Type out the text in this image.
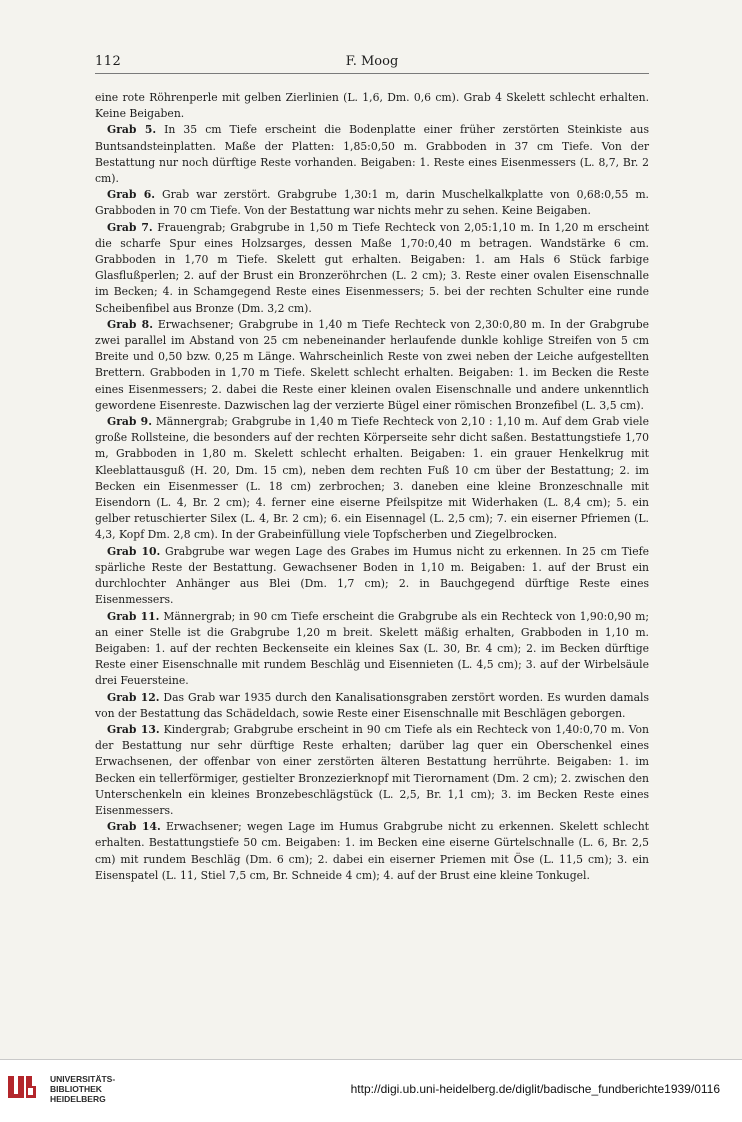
112	F. Moog

eine rote Röhrenperle mit gelben Zierlinien (L. 1,6, Dm. 0,6 cm). Grab 4 Skelett schlecht erhalten. Keine Beigaben.

Grab 5. In 35 cm Tiefe erscheint die Bodenplatte einer früher zerstörten Steinkiste aus Buntsandsteinplatten. Maße der Platten: 1,85:0,50 m. Grabboden in 37 cm Tiefe. Von der Bestattung nur noch dürftige Reste vorhanden. Beigaben: 1. Reste eines Eisenmessers (L. 8,7, Br. 2 cm).

Grab 6. Grab war zerstört. Grabgrube 1,30:1 m, darin Muschelkalkplatte von 0,68:0,55 m. Grabboden in 70 cm Tiefe. Von der Bestattung war nichts mehr zu sehen. Keine Beigaben.

Grab 7. Frauengrab; Grabgrube in 1,50 m Tiefe Rechteck von 2,05:1,10 m. In 1,20 m erscheint die scharfe Spur eines Holzsarges, dessen Maße 1,70:0,40 m betragen. Wandstärke 6 cm. Grabboden in 1,70 m Tiefe. Skelett gut erhalten. Beigaben: 1. am Hals 6 Stück farbige Glasflußperlen; 2. auf der Brust ein Bronzeröhrchen (L. 2 cm); 3. Reste einer ovalen Eisenschnalle im Becken; 4. in Schamgegend Reste eines Eisenmessers; 5. bei der rechten Schulter eine runde Scheibenfibel aus Bronze (Dm. 3,2 cm).

Grab 8. Erwachsener; Grabgrube in 1,40 m Tiefe Rechteck von 2,30:0,80 m. In der Grabgrube zwei parallel im Abstand von 25 cm nebeneinander herlaufende dunkle kohlige Streifen von 5 cm Breite und 0,50 bzw. 0,25 m Länge. Wahrscheinlich Reste von zwei neben der Leiche aufgestellten Brettern. Grabboden in 1,70 m Tiefe. Skelett schlecht erhalten. Beigaben: 1. im Becken die Reste eines Eisenmessers; 2. dabei die Reste einer kleinen ovalen Eisenschnalle und andere unkenntlich gewordene Eisenreste. Dazwischen lag der verzierte Bügel einer römischen Bronzefibel (L. 3,5 cm).

Grab 9. Männergrab; Grabgrube in 1,40 m Tiefe Rechteck von 2,10 : 1,10 m. Auf dem Grab viele große Rollsteine, die besonders auf der rechten Körperseite sehr dicht saßen. Bestattungstiefe 1,70 m, Grabboden in 1,80 m. Skelett schlecht erhalten. Beigaben: 1. ein grauer Henkelkrug mit Kleeblattausguß (H. 20, Dm. 15 cm), neben dem rechten Fuß 10 cm über der Bestattung; 2. im Becken ein Eisenmesser (L. 18 cm) zerbrochen; 3. daneben eine kleine Bronzeschnalle mit Eisendorn (L. 4, Br. 2 cm); 4. ferner eine eiserne Pfeilspitze mit Widerhaken (L. 8,4 cm); 5. ein gelber retuschierter Silex (L. 4, Br. 2 cm); 6. ein Eisennagel (L. 2,5 cm); 7. ein eiserner Pfriemen (L. 4,3, Kopf Dm. 2,8 cm). In der Grabeinfüllung viele Topfscherben und Ziegelbrocken.

Grab 10. Grabgrube war wegen Lage des Grabes im Humus nicht zu erkennen. In 25 cm Tiefe spärliche Reste der Bestattung. Gewachsener Boden in 1,10 m. Beigaben: 1. auf der Brust ein durchlochter Anhänger aus Blei (Dm. 1,7 cm); 2. in Bauchgegend dürftige Reste eines Eisenmessers.

Grab 11. Männergrab; in 90 cm Tiefe erscheint die Grabgrube als ein Rechteck von 1,90:0,90 m; an einer Stelle ist die Grabgrube 1,20 m breit. Skelett mäßig erhalten, Grabboden in 1,10 m. Beigaben: 1. auf der rechten Beckenseite ein kleines Sax (L. 30, Br. 4 cm); 2. im Becken dürftige Reste einer Eisenschnalle mit rundem Beschläg und Eisennieten (L. 4,5 cm); 3. auf der Wirbelsäule drei Feuersteine.

Grab 12. Das Grab war 1935 durch den Kanalisationsgraben zerstört worden. Es wurden damals von der Bestattung das Schädeldach, sowie Reste einer Eisenschnalle mit Beschlägen geborgen.

Grab 13. Kindergrab; Grabgrube erscheint in 90 cm Tiefe als ein Rechteck von 1,40:0,70 m. Von der Bestattung nur sehr dürftige Reste erhalten; darüber lag quer ein Oberschenkel eines Erwachsenen, der offenbar von einer zerstörten älteren Bestattung herrührte. Beigaben: 1. im Becken ein tellerförmiger, gestielter Bronzezierknopf mit Tierornament (Dm. 2 cm); 2. zwischen den Unterschenkeln ein kleines Bronzebeschlägstück (L. 2,5, Br. 1,1 cm); 3. im Becken Reste eines Eisenmessers.

Grab 14. Erwachsener; wegen Lage im Humus Grabgrube nicht zu erkennen. Skelett schlecht erhalten. Bestattungstiefe 50 cm. Beigaben: 1. im Becken eine eiserne Gürtelschnalle (L. 6, Br. 2,5 cm) mit rundem Beschläg (Dm. 6 cm); 2. dabei ein eiserner Priemen mit Öse (L. 11,5 cm); 3. ein Eisenspatel (L. 11, Stiel 7,5 cm, Br. Schneide 4 cm); 4. auf der Brust eine kleine Tonkugel.

UNIVERSITÄTS-
BIBLIOTHEK
HEIDELBERG
http://digi.ub.uni-heidelberg.de/diglit/badische_fundberichte1939/0116
